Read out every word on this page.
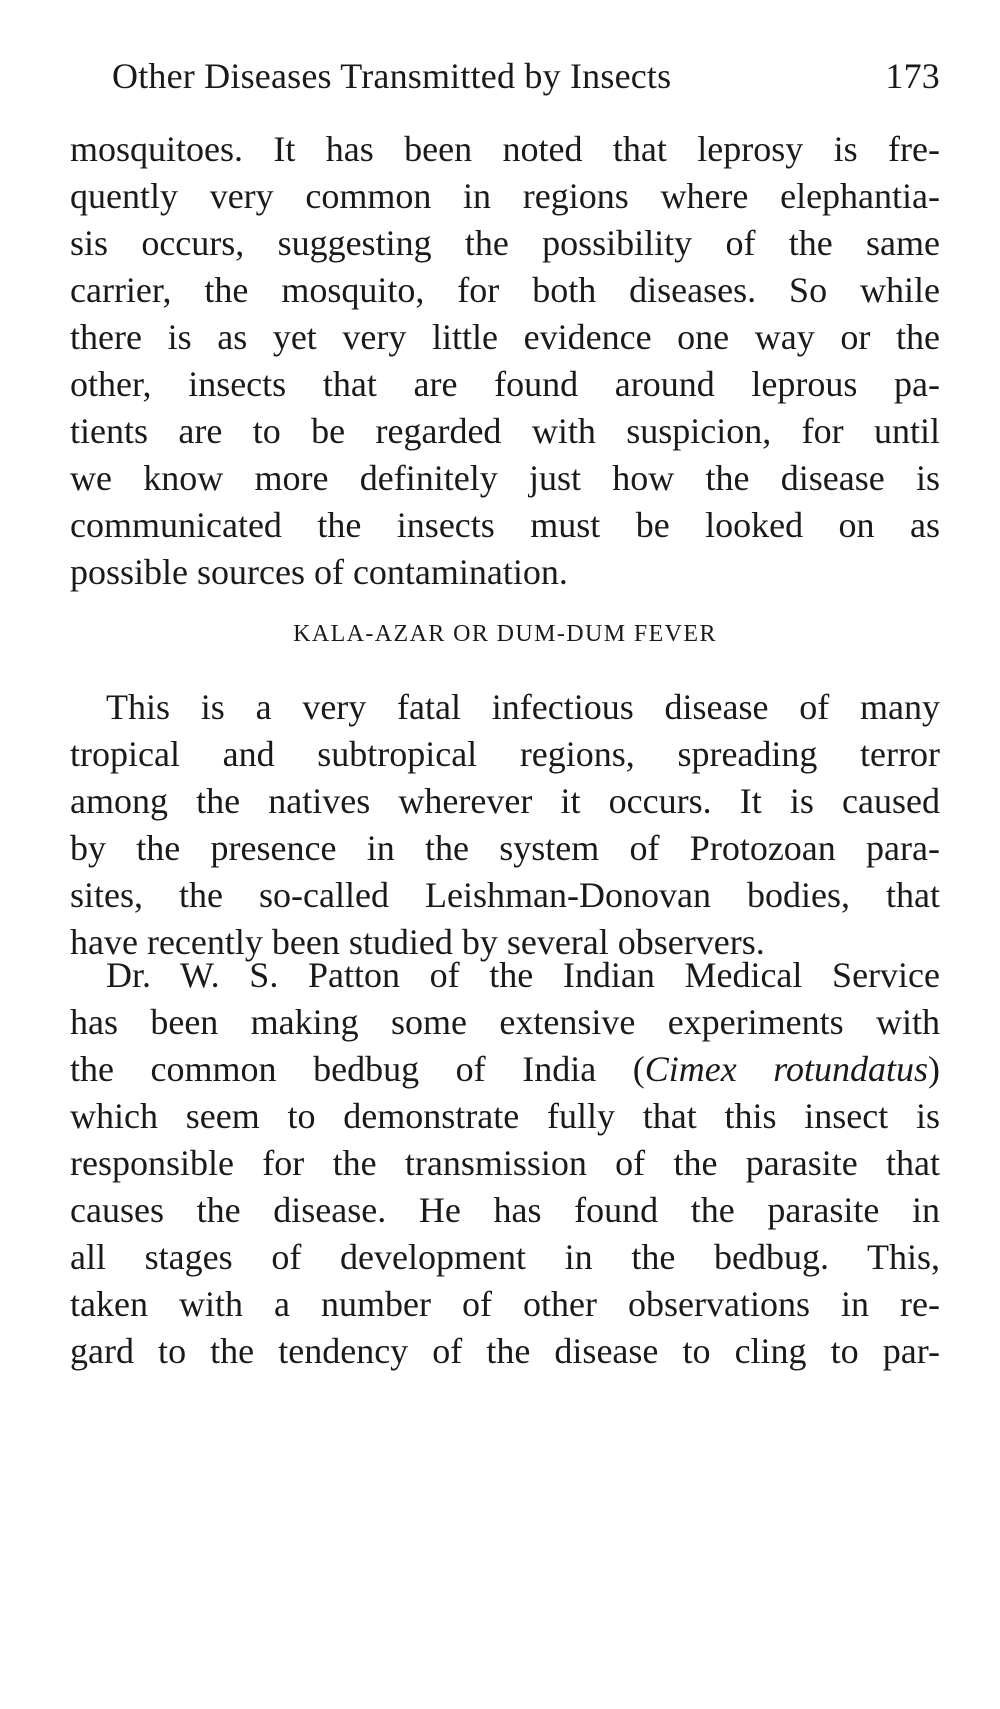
Other Diseases Transmitted by Insects	173
mosquitoes. It has been noted that leprosy is fre-
quently very common in regions where elephantia-
sis occurs, suggesting the possibility of the same
carrier, the mosquito, for both diseases. So while
there is as yet very little evidence one way or the
other, insects that are found around leprous pa-
tients are to be regarded with suspicion, for until
we know more definitely just how the disease is
communicated the insects must be looked on as
possible sources of contamination.
KALA-AZAR OR DUM-DUM FEVER
This is a very fatal infectious disease of many
tropical and subtropical regions, spreading terror
among the natives wherever it occurs. It is caused
by the presence in the system of Protozoan para-
sites, the so-called Leishman-Donovan bodies, that
have recently been studied by several observers.
Dr. W. S. Patton of the Indian Medical Service
has been making some extensive experiments with
the common bedbug of India (Cimex rotundatus)
which seem to demonstrate fully that this insect is
responsible for the transmission of the parasite that
causes the disease. He has found the parasite in
all stages of development in the bedbug. This,
taken with a number of other observations in re-
gard to the tendency of the disease to cling to par-
